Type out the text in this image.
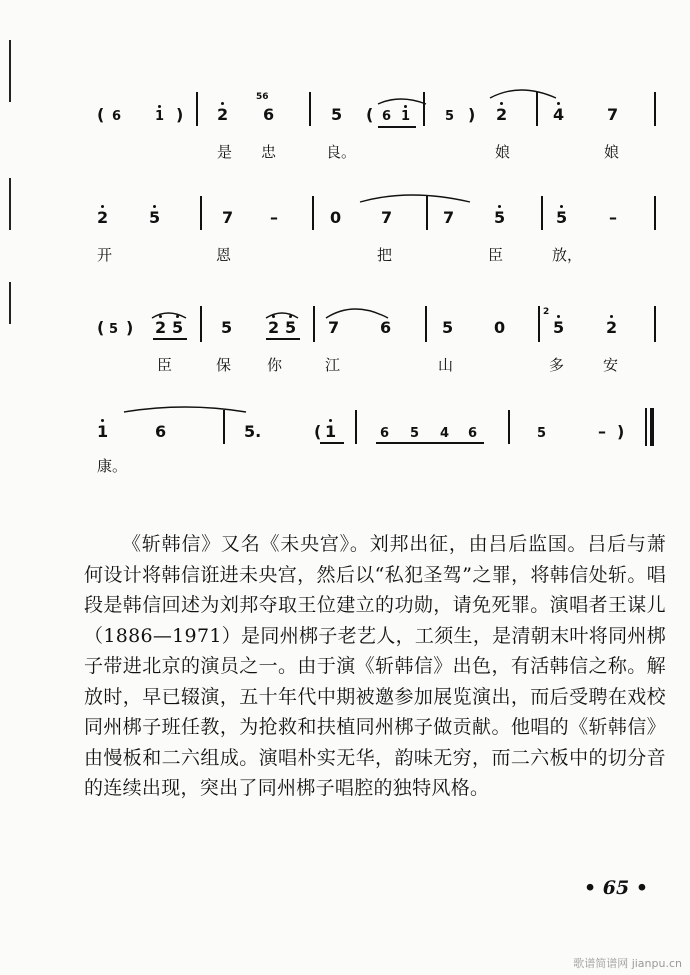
( 6	1 ) 2
56
6	5 ( 6 1	5 ) 2	4	7
是 忠	良。	娘	娘
2	5	7 –	0 7	7 5	5	–
开	恩	把	臣	放，
( 5 ) 2 5 5 2 5 7	6	5	0
2
5	2
臣	保 你	江	山	多	安
1	6	5.	( 1	6 5 4 6	5	– )
康。

《斩韩信》又名《未央宫》。刘邦出征，由吕后监国。吕后与萧何设计将韩信诳进未央宫，然后以“私犯圣驾”之罪，将韩信处斩。唱段是韩信回述为刘邦夺取王位建立的功勋，请免死罪。演唱者王谋儿（1886—1971）是同州梆子老艺人，工须生，是清朝末叶将同州梆子带进北京的演员之一。由于演《斩韩信》出色，有活韩信之称。解放时，早已辍演，五十年代中期被邀参加展览演出，而后受聘在戏校同州梆子班任教，为抢救和扶植同州梆子做贡献。他唱的《斩韩信》由慢板和二六组成。演唱朴实无华，韵味无穷，而二六板中的切分音的连续出现，突出了同州梆子唱腔的独特风格。

• 65 •
歌谱简谱网 jianpu.cn
